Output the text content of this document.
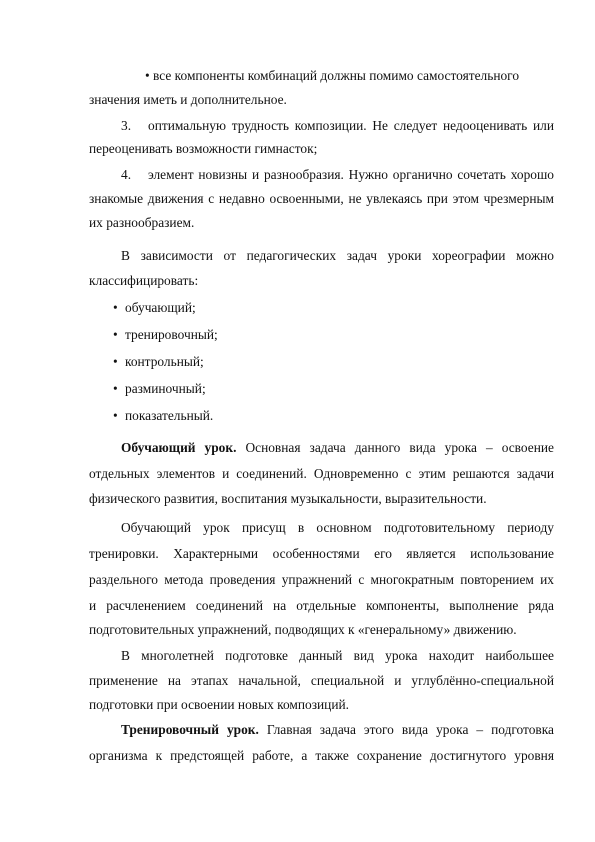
• все компоненты комбинаций должны помимо самостоятельного
значения иметь и дополнительное.
3. оптимальную трудность композиции. Не следует недооценивать или
переоценивать возможности гимнасток;
4. элемент новизны и разнообразия. Нужно органично сочетать хорошо
знакомые движения с недавно освоенными, не увлекаясь при этом чрезмерным
их разнообразием.
В зависимости от педагогических задач уроки хореографии можно
классифицировать:
• обучающий;
• тренировочный;
• контрольный;
• разминочный;
• показательный.
Обучающий урок. Основная задача данного вида урока – освоение
отдельных элементов и соединений. Одновременно с этим решаются задачи
физического развития, воспитания музыкальности, выразительности.
Обучающий урок присущ в основном подготовительному периоду
тренировки. Характерными особенностями его является использование
раздельного метода проведения упражнений с многократным повторением их
и расчленением соединений на отдельные компоненты, выполнение ряда
подготовительных упражнений, подводящих к «генеральному» движению.
В многолетней подготовке данный вид урока находит наибольшее
применение на этапах начальной, специальной и углублённо-специальной
подготовки при освоении новых композиций.
Тренировочный урок. Главная задача этого вида урока – подготовка
организма к предстоящей работе, а также сохранение достигнутого уровня
